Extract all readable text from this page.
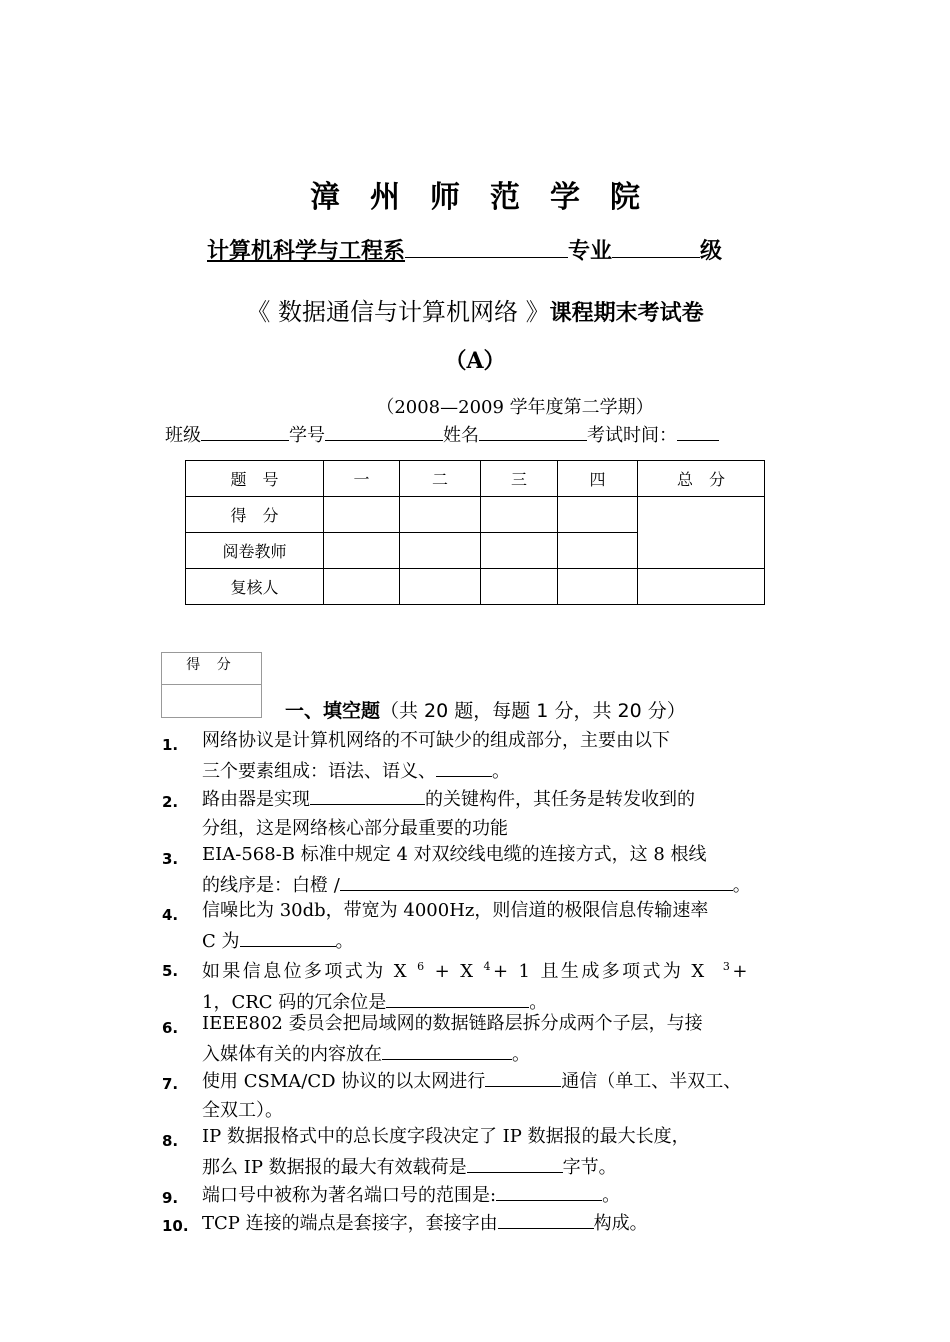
漳州师范学院
计算机科学与工程系	专业	级
《 数据通信与计算机网络 》课程期末考试卷
（A）
（2008—2009 学年度第二学期）
班级	学号	姓名	考试时间：
题　号	一	二	三	四	总　分
得　分					
阅卷教师					
复核人					
得 分
一、填空题（共 20 题，每题 1 分，共 20 分）
1. 网络协议是计算机网络的不可缺少的组成部分，主要由以下
三个要素组成：语法、语义、	。
2. 路由器是实现	的关键构件，其任务是转发收到的
分组，这是网络核心部分最重要的功能
3. EIA-568-B 标准中规定 4 对双绞线电缆的连接方式，这 8 根线
的线序是：白橙 /	。
4. 信噪比为 30db，带宽为 4000Hz，则信道的极限信息传输速率
C 为	。
5. 如果信息位多项式为 X $^6$ + X $^4$+ 1 且生成多项式为 X  $^3$+
1，CRC 码的冗余位是	。
6. IEEE802 委员会把局域网的数据链路层拆分成两个子层，与接
入媒体有关的内容放在	。
7. 使用 CSMA/CD 协议的以太网进行	通信（单工、半双工、
全双工）。
8. IP 数据报格式中的总长度字段决定了 IP 数据报的最大长度，
那么 IP 数据报的最大有效载荷是	字节。
9. 端口号中被称为著名端口号的范围是:	。
10. TCP 连接的端点是套接字，套接字由	构成。
